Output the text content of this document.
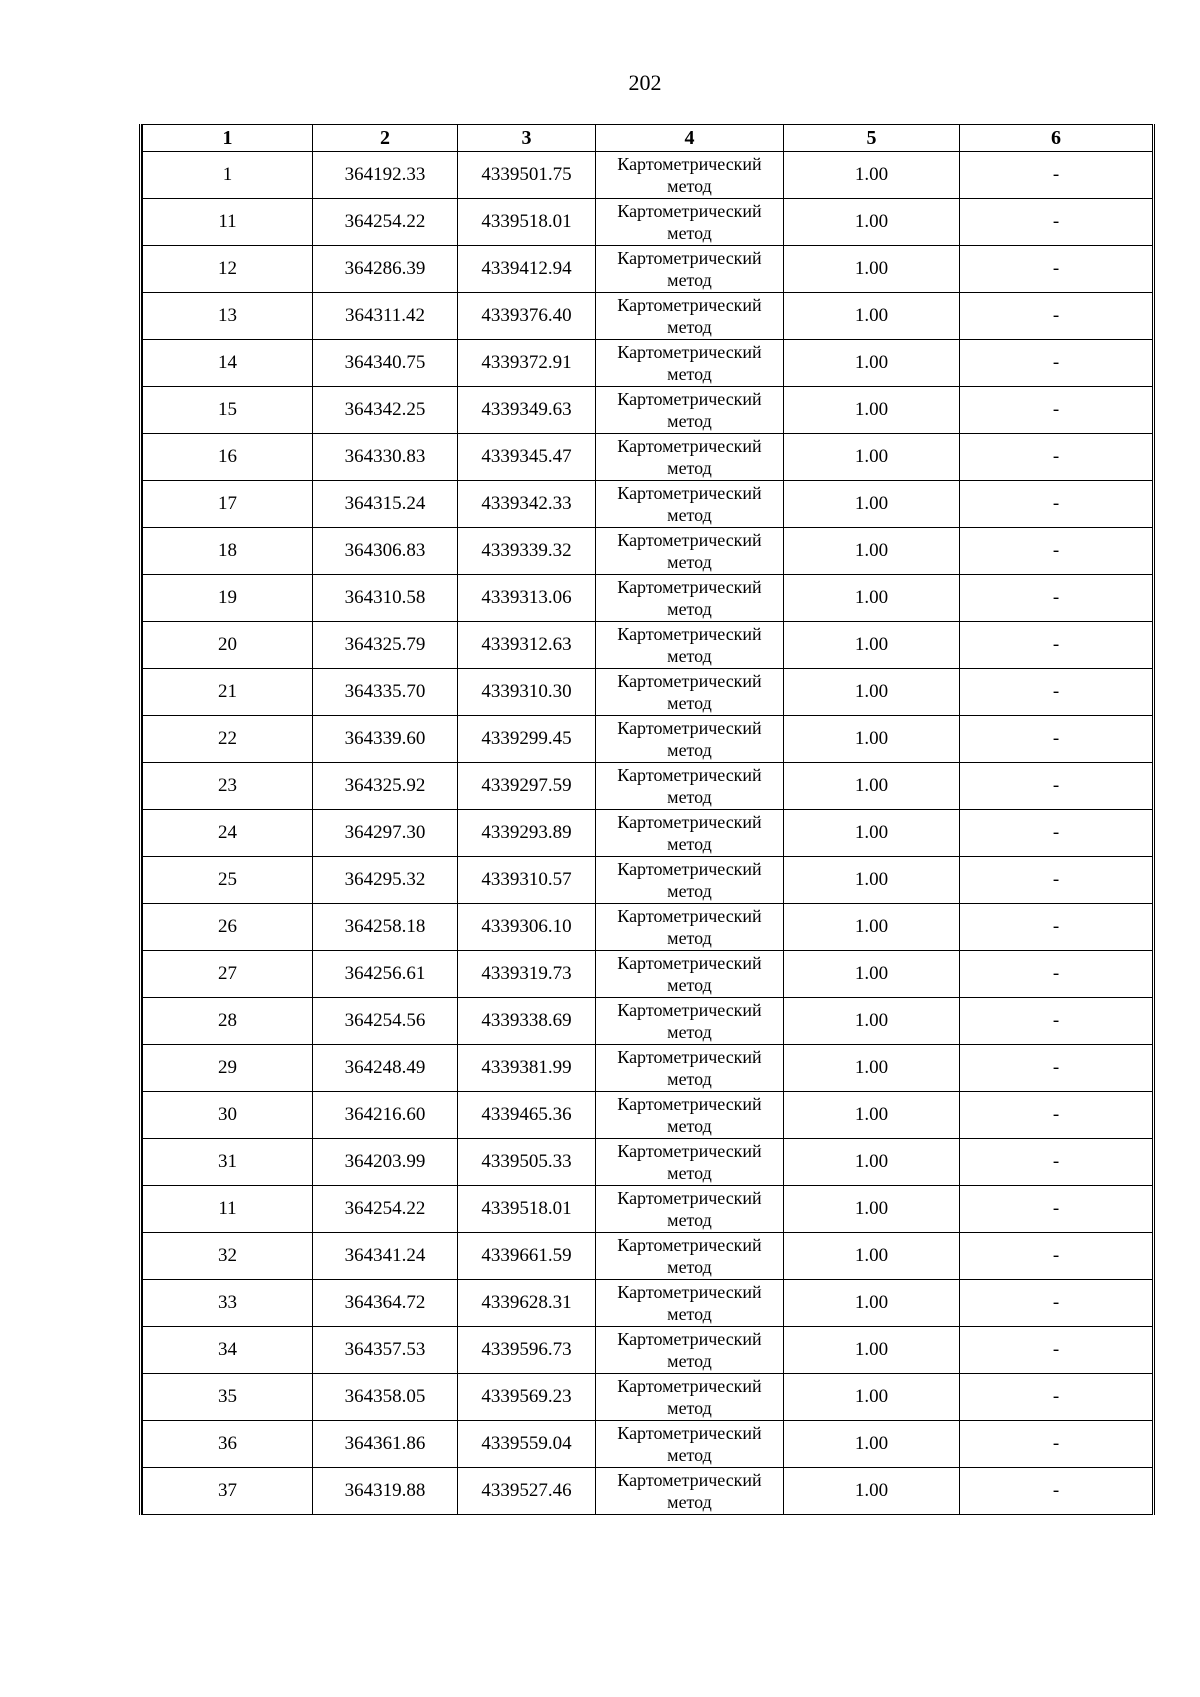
202
1	2	3	4	5	6
1	364192.33	4339501.75	Картометрический метод	1.00	-
11	364254.22	4339518.01	Картометрический метод	1.00	-
12	364286.39	4339412.94	Картометрический метод	1.00	-
13	364311.42	4339376.40	Картометрический метод	1.00	-
14	364340.75	4339372.91	Картометрический метод	1.00	-
15	364342.25	4339349.63	Картометрический метод	1.00	-
16	364330.83	4339345.47	Картометрический метод	1.00	-
17	364315.24	4339342.33	Картометрический метод	1.00	-
18	364306.83	4339339.32	Картометрический метод	1.00	-
19	364310.58	4339313.06	Картометрический метод	1.00	-
20	364325.79	4339312.63	Картометрический метод	1.00	-
21	364335.70	4339310.30	Картометрический метод	1.00	-
22	364339.60	4339299.45	Картометрический метод	1.00	-
23	364325.92	4339297.59	Картометрический метод	1.00	-
24	364297.30	4339293.89	Картометрический метод	1.00	-
25	364295.32	4339310.57	Картометрический метод	1.00	-
26	364258.18	4339306.10	Картометрический метод	1.00	-
27	364256.61	4339319.73	Картометрический метод	1.00	-
28	364254.56	4339338.69	Картометрический метод	1.00	-
29	364248.49	4339381.99	Картометрический метод	1.00	-
30	364216.60	4339465.36	Картометрический метод	1.00	-
31	364203.99	4339505.33	Картометрический метод	1.00	-
11	364254.22	4339518.01	Картометрический метод	1.00	-
32	364341.24	4339661.59	Картометрический метод	1.00	-
33	364364.72	4339628.31	Картометрический метод	1.00	-
34	364357.53	4339596.73	Картометрический метод	1.00	-
35	364358.05	4339569.23	Картометрический метод	1.00	-
36	364361.86	4339559.04	Картометрический метод	1.00	-
37	364319.88	4339527.46	Картометрический метод	1.00	-
